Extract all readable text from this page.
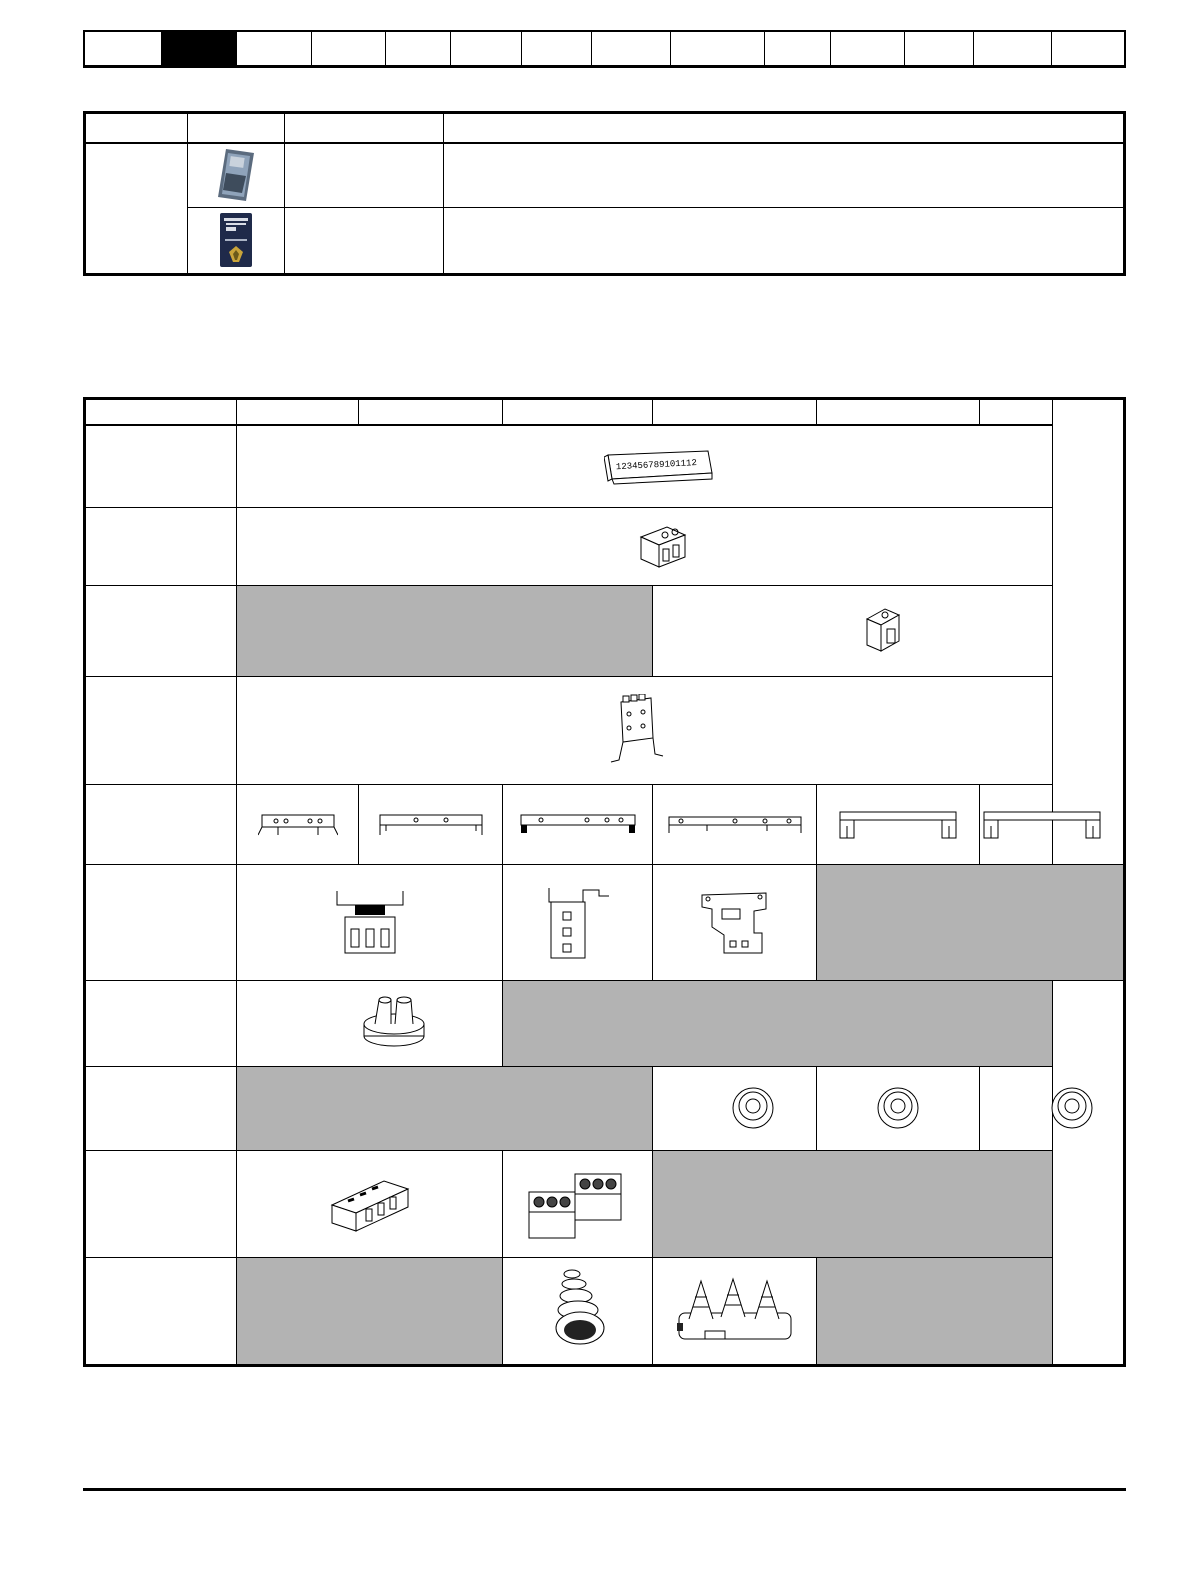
123456789101112					
